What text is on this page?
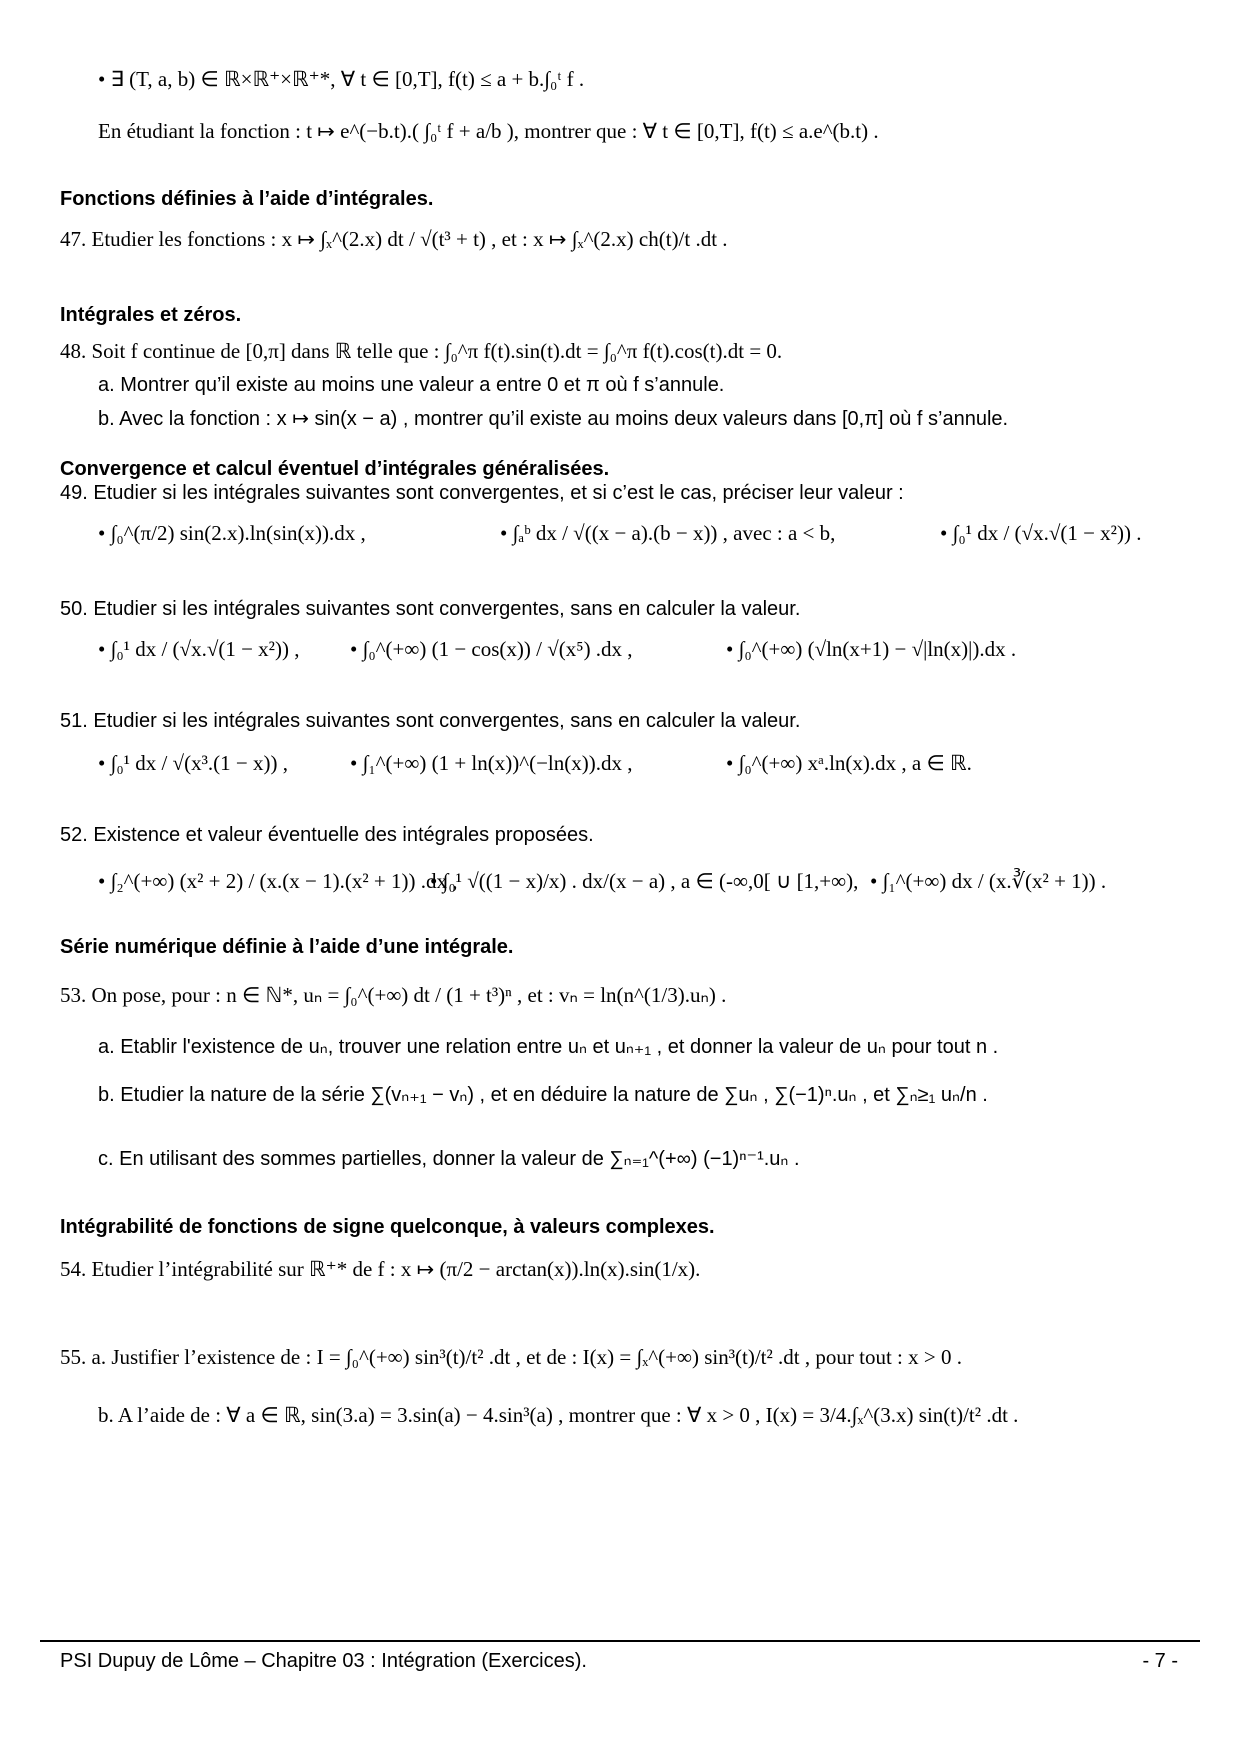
• ∃ (T, a, b) ∈ ℝ×ℝ⁺×ℝ⁺*, ∀ t ∈ [0,T], f(t) ≤ a + b.∫₀ᵗ f .
En étudiant la fonction : t ↦ e^(−b.t).( ∫₀ᵗ f + a/b ), montrer que : ∀ t ∈ [0,T], f(t) ≤ a.e^(b.t) .
Fonctions définies à l’aide d’intégrales.
47. Etudier les fonctions : x ↦ ∫ₓ^(2.x) dt / √(t³ + t) , et : x ↦ ∫ₓ^(2.x) ch(t)/t .dt .
Intégrales et zéros.
48. Soit f continue de [0,π] dans ℝ telle que : ∫₀^π f(t).sin(t).dt = ∫₀^π f(t).cos(t).dt = 0.
a. Montrer qu’il existe au moins une valeur a entre 0 et π où f s’annule.
b. Avec la fonction : x ↦ sin(x − a) , montrer qu’il existe au moins deux valeurs dans [0,π] où f s’annule.
Convergence et calcul éventuel d’intégrales généralisées.
49. Etudier si les intégrales suivantes sont convergentes, et si c’est le cas, préciser leur valeur :
• ∫₀^(π/2) sin(2.x).ln(sin(x)).dx ,	• ∫ₐᵇ dx / √((x − a).(b − x)) , avec : a < b,	• ∫₀¹ dx / (√x.√(1 − x²)) .
50. Etudier si les intégrales suivantes sont convergentes, sans en calculer la valeur.
• ∫₀¹ dx / (√x.√(1 − x²)) , • ∫₀^(+∞) (1 − cos(x)) / √(x⁵) .dx ,	• ∫₀^(+∞) (√ln(x+1) − √|ln(x)|).dx .
51. Etudier si les intégrales suivantes sont convergentes, sans en calculer la valeur.
• ∫₀¹ dx / √(x³.(1 − x)) ,	• ∫₁^(+∞) (1 + ln(x))^(−ln(x)).dx ,	• ∫₀^(+∞) xᵃ.ln(x).dx , a ∈ ℝ.
52. Existence et valeur éventuelle des intégrales proposées.
• ∫₂^(+∞) (x² + 2) / (x.(x − 1).(x² + 1)) .dx ,
• ∫₀¹ √((1 − x)/x) . dx/(x − a) , a ∈ (-∞,0[ ∪ [1,+∞), • ∫₁^(+∞) dx / (x.∛(x² + 1)) .
Série numérique définie à l’aide d’une intégrale.
53. On pose, pour : n ∈ ℕ*, uₙ = ∫₀^(+∞) dt / (1 + t³)ⁿ , et : vₙ = ln(n^(1/3).uₙ) .
a. Etablir l'existence de uₙ, trouver une relation entre uₙ et uₙ₊₁ , et donner la valeur de uₙ pour tout n .
b. Etudier la nature de la série ∑(vₙ₊₁ − vₙ) , et en déduire la nature de ∑uₙ , ∑(−1)ⁿ.uₙ , et ∑ₙ≥₁ uₙ/n .
c. En utilisant des sommes partielles, donner la valeur de ∑ₙ₌₁^(+∞) (−1)ⁿ⁻¹.uₙ .
Intégrabilité de fonctions de signe quelconque, à valeurs complexes.
54. Etudier l’intégrabilité sur ℝ⁺* de f : x ↦ (π/2 − arctan(x)).ln(x).sin(1/x).
55. a. Justifier l’existence de : I = ∫₀^(+∞) sin³(t)/t² .dt , et de : I(x) = ∫ₓ^(+∞) sin³(t)/t² .dt , pour tout : x > 0 .
b. A l’aide de : ∀ a ∈ ℝ, sin(3.a) = 3.sin(a) − 4.sin³(a) , montrer que : ∀ x > 0 , I(x) = 3/4.∫ₓ^(3.x) sin(t)/t² .dt .
PSI Dupuy de Lôme – Chapitre 03 : Intégration (Exercices).	- 7 -
